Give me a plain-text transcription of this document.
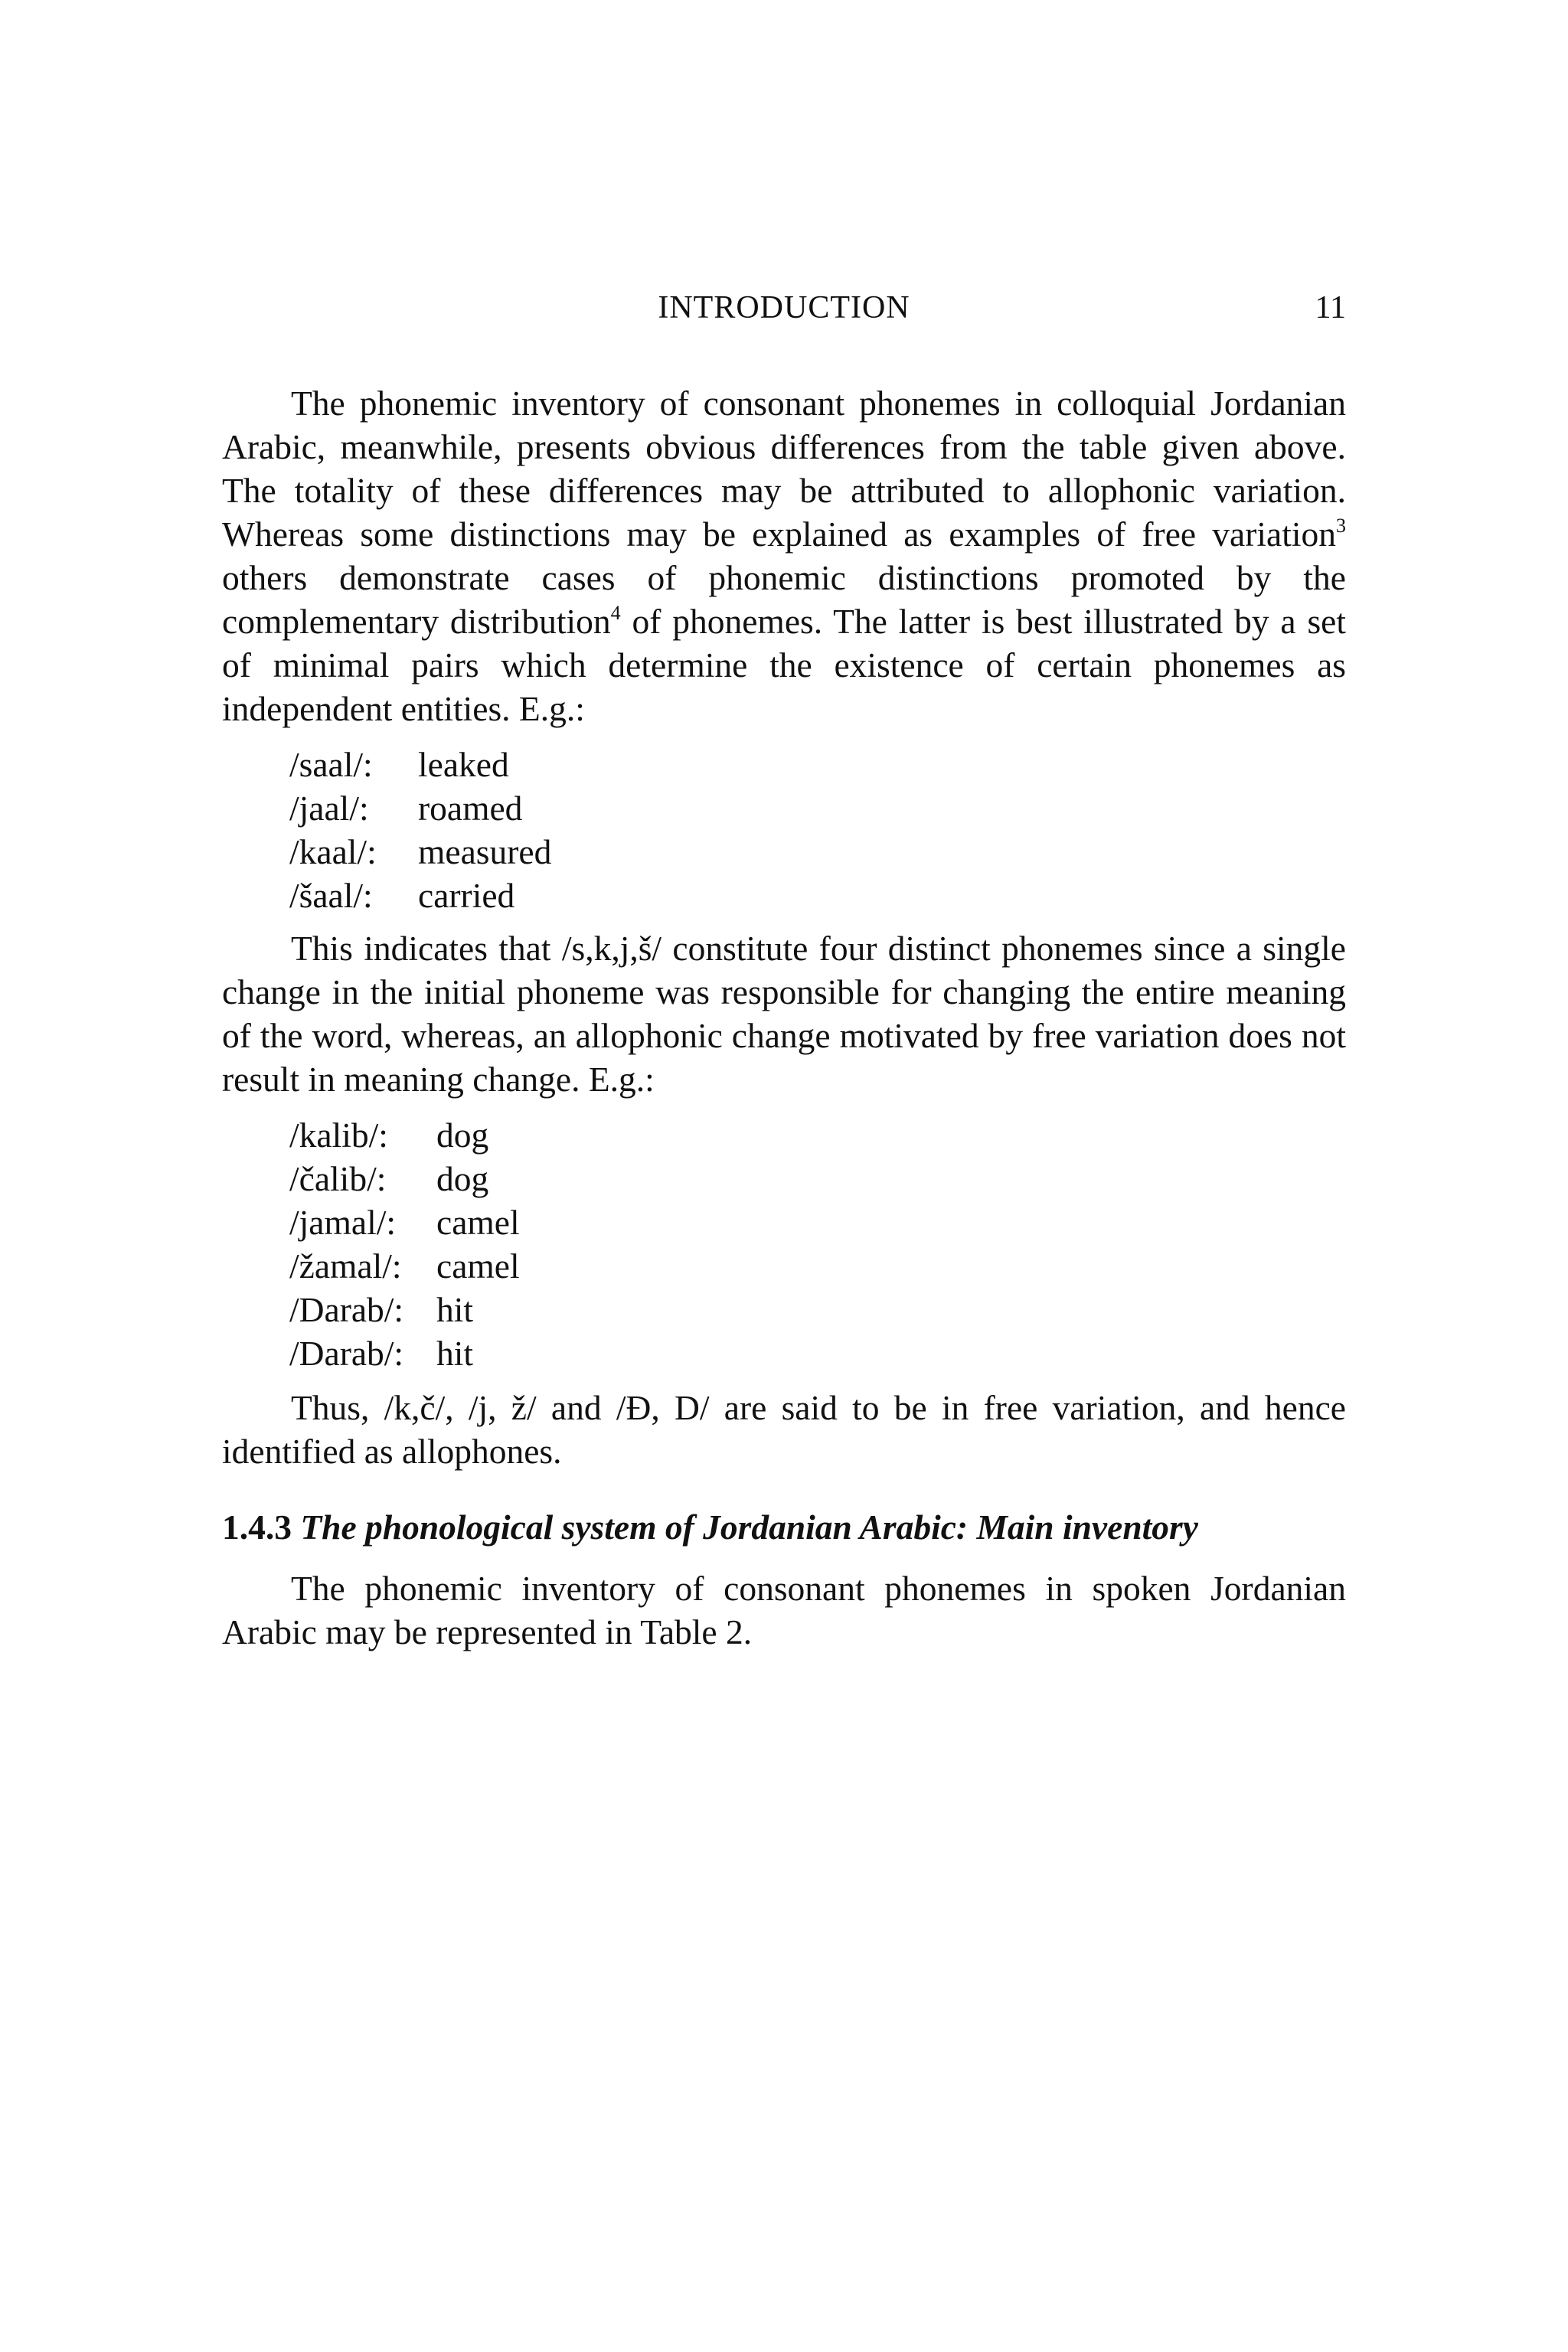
INTRODUCTION	11

The phonemic inventory of consonant phonemes in colloquial Jordanian Arabic, meanwhile, presents obvious differences from the table given above. The totality of these differences may be attributed to allophonic variation. Whereas some distinctions may be explained as examples of free variation$^3$ others demonstrate cases of phonemic distinctions promoted by the complementary distribution$^4$ of phonemes. The latter is best illustrated by a set of minimal pairs which determine the existence of certain phonemes as independent entities. E.g.:

/saal/:	leaked
/jaal/:	roamed
/kaal/:	measured
/šaal/:	carried

This indicates that /s,k,j,š/ constitute four distinct phonemes since a single change in the initial phoneme was responsible for changing the entire meaning of the word, whereas, an allophonic change motivated by free variation does not result in meaning change. E.g.:

/kalib/:	dog
/čalib/:	dog
/jamal/:	camel
/žamal/: camel
/Darab/: hit
/Darab/: hit

Thus, /k,č/, /j, ž/ and /Ð, D/ are said to be in free variation, and hence identified as allophones.

1.4.3 The phonological system of Jordanian Arabic: Main inventory

The phonemic inventory of consonant phonemes in spoken Jordanian Arabic may be represented in Table 2.
